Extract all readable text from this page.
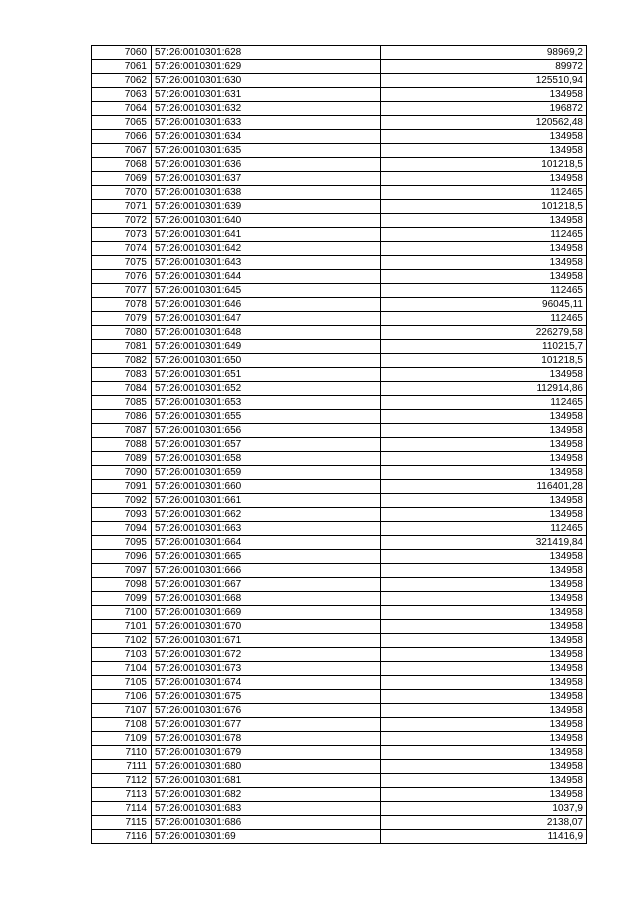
7060	57:26:0010301:628	98969,2
7061	57:26:0010301:629	89972
7062	57:26:0010301:630	125510,94
7063	57:26:0010301:631	134958
7064	57:26:0010301:632	196872
7065	57:26:0010301:633	120562,48
7066	57:26:0010301:634	134958
7067	57:26:0010301:635	134958
7068	57:26:0010301:636	101218,5
7069	57:26:0010301:637	134958
7070	57:26:0010301:638	112465
7071	57:26:0010301:639	101218,5
7072	57:26:0010301:640	134958
7073	57:26:0010301:641	112465
7074	57:26:0010301:642	134958
7075	57:26:0010301:643	134958
7076	57:26:0010301:644	134958
7077	57:26:0010301:645	112465
7078	57:26:0010301:646	96045,11
7079	57:26:0010301:647	112465
7080	57:26:0010301:648	226279,58
7081	57:26:0010301:649	110215,7
7082	57:26:0010301:650	101218,5
7083	57:26:0010301:651	134958
7084	57:26:0010301:652	112914,86
7085	57:26:0010301:653	112465
7086	57:26:0010301:655	134958
7087	57:26:0010301:656	134958
7088	57:26:0010301:657	134958
7089	57:26:0010301:658	134958
7090	57:26:0010301:659	134958
7091	57:26:0010301:660	116401,28
7092	57:26:0010301:661	134958
7093	57:26:0010301:662	134958
7094	57:26:0010301:663	112465
7095	57:26:0010301:664	321419,84
7096	57:26:0010301:665	134958
7097	57:26:0010301:666	134958
7098	57:26:0010301:667	134958
7099	57:26:0010301:668	134958
7100	57:26:0010301:669	134958
7101	57:26:0010301:670	134958
7102	57:26:0010301:671	134958
7103	57:26:0010301:672	134958
7104	57:26:0010301:673	134958
7105	57:26:0010301:674	134958
7106	57:26:0010301:675	134958
7107	57:26:0010301:676	134958
7108	57:26:0010301:677	134958
7109	57:26:0010301:678	134958
7110	57:26:0010301:679	134958
7111	57:26:0010301:680	134958
7112	57:26:0010301:681	134958
7113	57:26:0010301:682	134958
7114	57:26:0010301:683	1037,9
7115	57:26:0010301:686	2138,07
7116	57:26:0010301:69	11416,9
